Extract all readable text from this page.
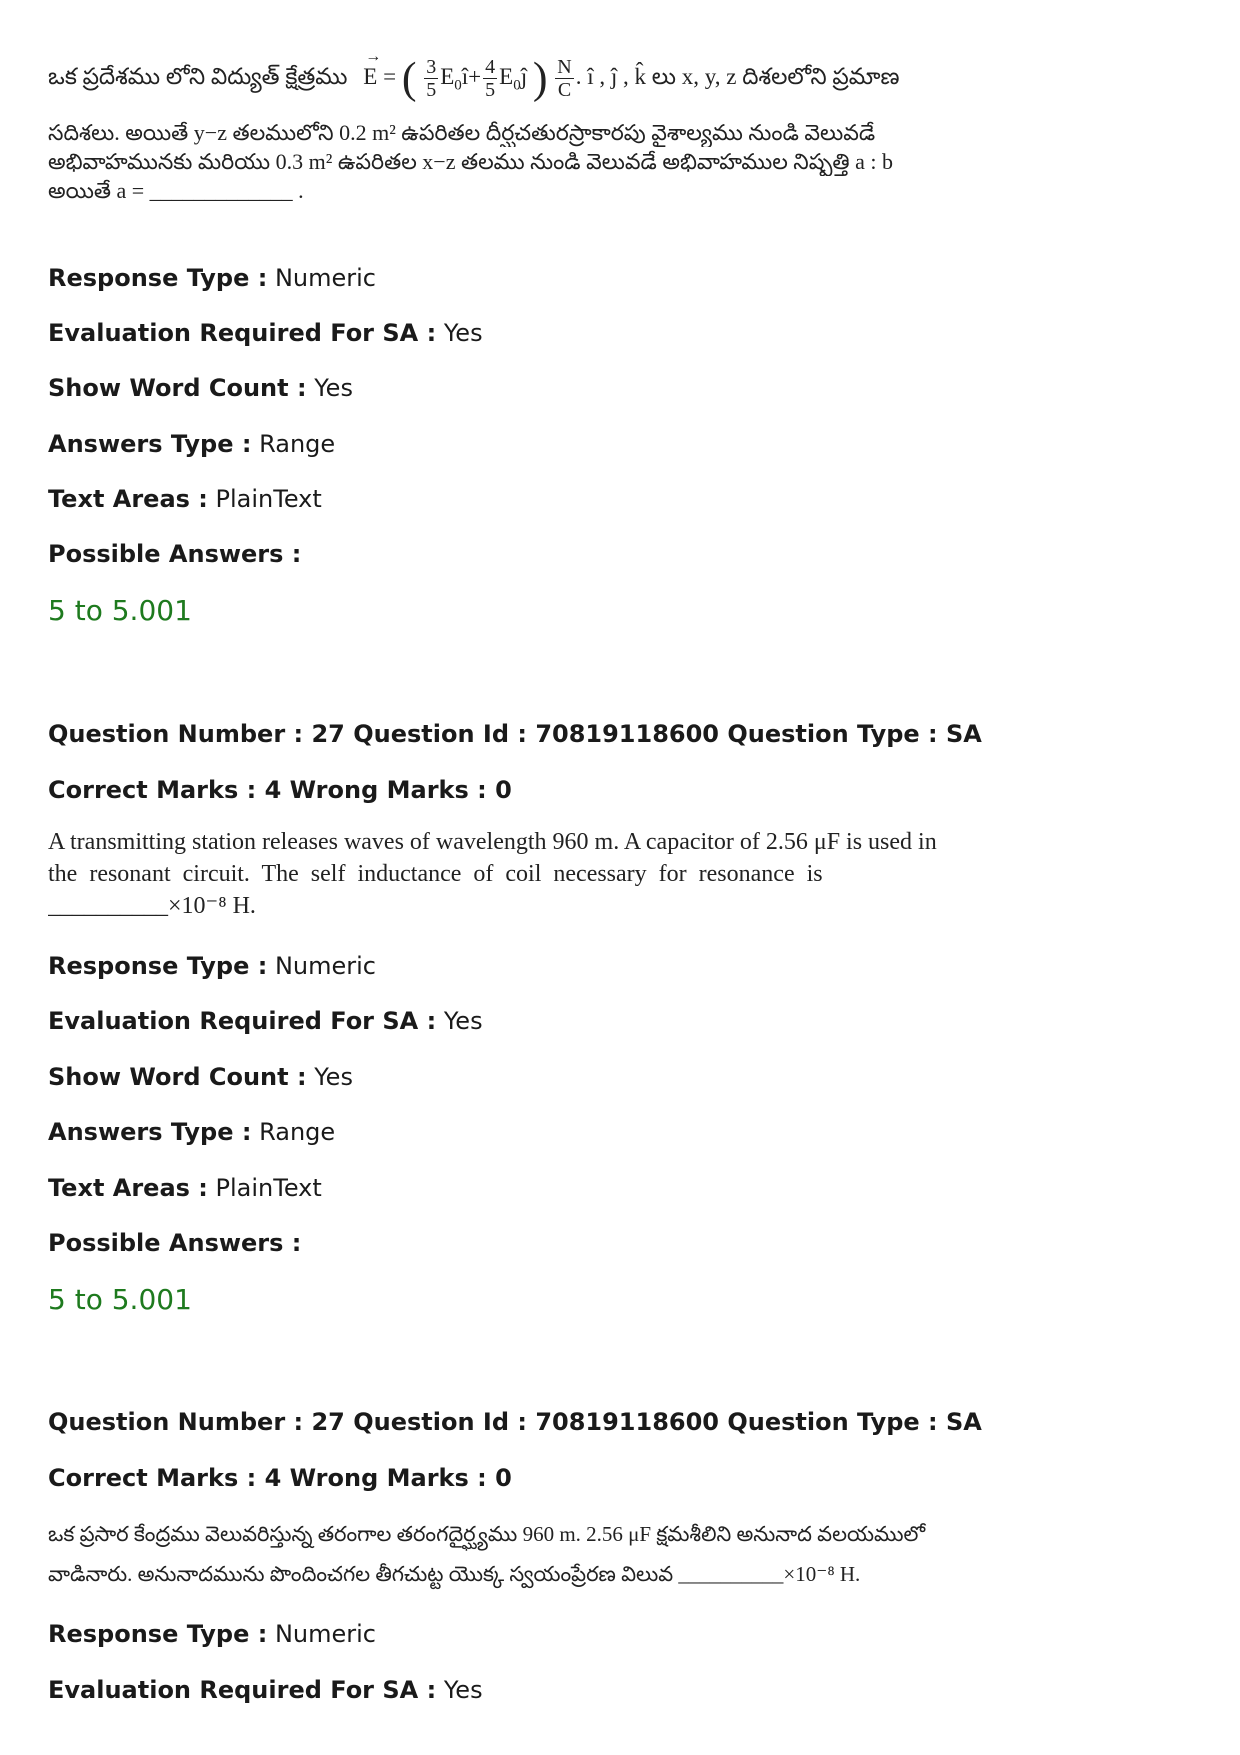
ఒక ప్రదేశము లోని విద్యుత్ క్షేత్రము
→
E = ( $\frac{3}{5}$ $E_0î+ \frac{4}{5}$ $E_0ĵ$ ) $\frac{N}{C}$ . î , ĵ , k̂ లు x, y, z దిశలలోని ప్రమాణ
సదిశలు. అయితే y−z తలములోని 0.2 m² ఉపరితల దీర్ఘచతురస్రాకారపు వైశాల్యము నుండి వెలువడే
అభివాహమునకు మరియు 0.3 m² ఉపరితల x−z తలము నుండి వెలువడే అభివాహముల నిష్పత్తి a : b
అయితే a = _____________ .
Response Type : Numeric
Evaluation Required For SA : Yes
Show Word Count : Yes
Answers Type : Range
Text Areas : PlainText
Possible Answers :
5 to 5.001
Question Number : 27 Question Id : 70819118600 Question Type : SA
Correct Marks : 4 Wrong Marks : 0
A transmitting station releases waves of wavelength 960 m. A capacitor of 2.56 μF is used in
the resonant circuit. The self inductance of coil necessary for resonance is
__________×10⁻⁸ H.
Response Type : Numeric
Evaluation Required For SA : Yes
Show Word Count : Yes
Answers Type : Range
Text Areas : PlainText
Possible Answers :
5 to 5.001
Question Number : 27 Question Id : 70819118600 Question Type : SA
Correct Marks : 4 Wrong Marks : 0
ఒక ప్రసార కేంద్రము వెలువరిస్తున్న తరంగాల తరంగదైర్ఘ్యము 960 m. 2.56 μF క్షమశీలిని అనునాద వలయములో
వాడినారు. అనునాదమును పొందించగల తీగచుట్ట యొక్క స్వయంప్రేరణ విలువ __________×10⁻⁸ H.
Response Type : Numeric
Evaluation Required For SA : Yes
